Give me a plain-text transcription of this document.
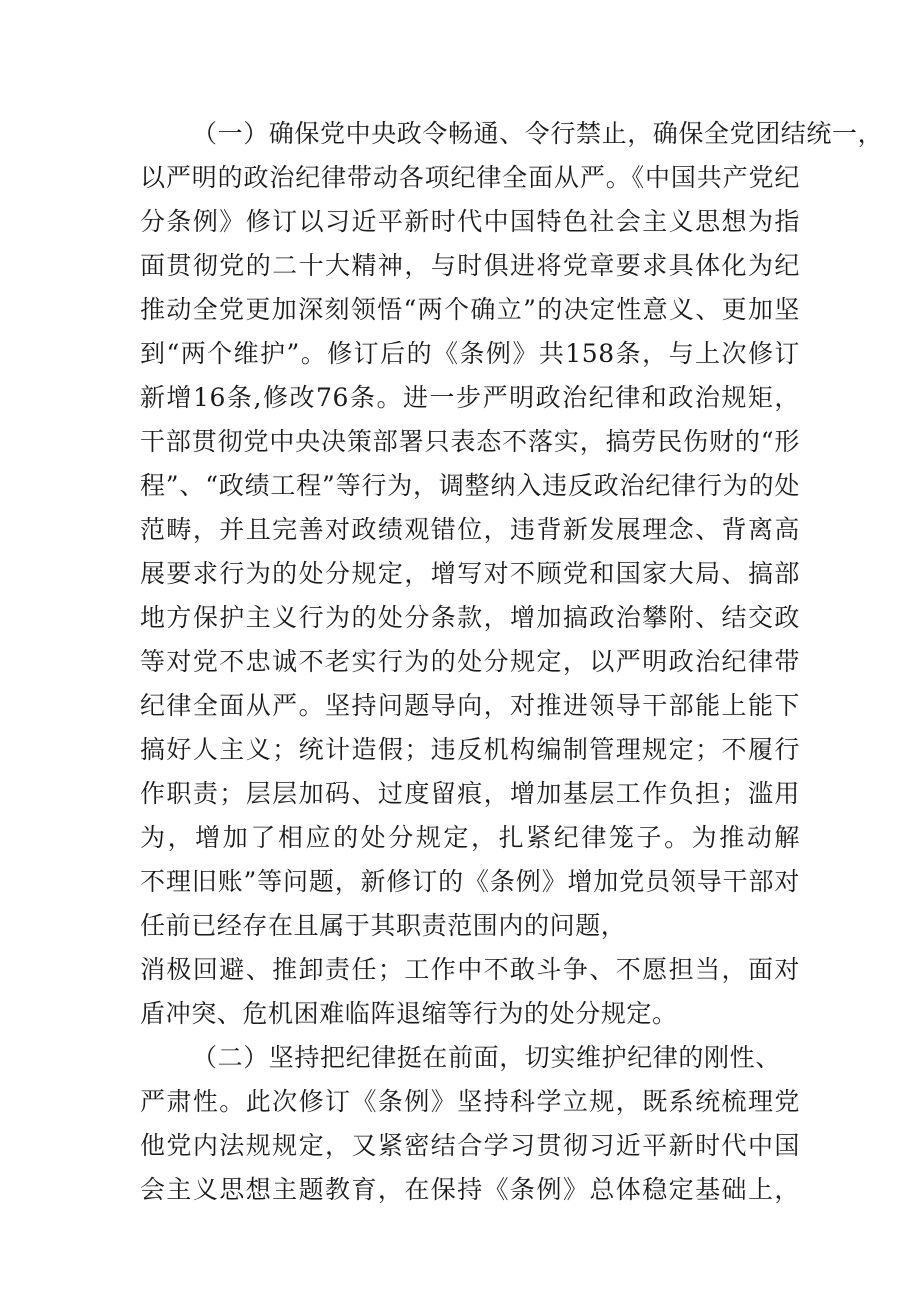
（一）确保党中央政令畅通、令行禁止，确保全党团结统一，
以严明的政治纪律带动各项纪律全面从严。《中国共产党纪
分条例》修订以习近平新时代中国特色社会主义思想为指
面贯彻党的二十大精神，与时俱进将党章要求具体化为纪
推动全党更加深刻领悟“两个确立”的决定性意义、更加坚
到“两个维护”。修订后的《条例》共158条，与上次修订
新增16条,修改76条。进一步严明政治纪律和政治规矩，
干部贯彻党中央决策部署只表态不落实，搞劳民伤财的“形
程”、“政绩工程”等行为，调整纳入违反政治纪律行为的处
范畴，并且完善对政绩观错位，违背新发展理念、背离高
展要求行为的处分规定，增写对不顾党和国家大局、搞部
地方保护主义行为的处分条款，增加搞政治攀附、结交政
等对党不忠诚不老实行为的处分规定，以严明政治纪律带
纪律全面从严。坚持问题导向，对推进领导干部能上能下
搞好人主义；统计造假；违反机构编制管理规定；不履行
作职责；层层加码、过度留痕，增加基层工作负担；滥用
为，增加了相应的处分规定，扎紧纪律笼子。为推动解
不理旧账”等问题，新修订的《条例》增加党员领导干部对
任前已经存在且属于其职责范围内的问题，
消极回避、推卸责任；工作中不敢斗争、不愿担当，面对
盾冲突、危机困难临阵退缩等行为的处分规定。
（二）坚持把纪律挺在前面，切实维护纪律的刚性、
严肃性。此次修订《条例》坚持科学立规，既系统梳理党
他党内法规规定，又紧密结合学习贯彻习近平新时代中国
会主义思想主题教育，在保持《条例》总体稳定基础上，
